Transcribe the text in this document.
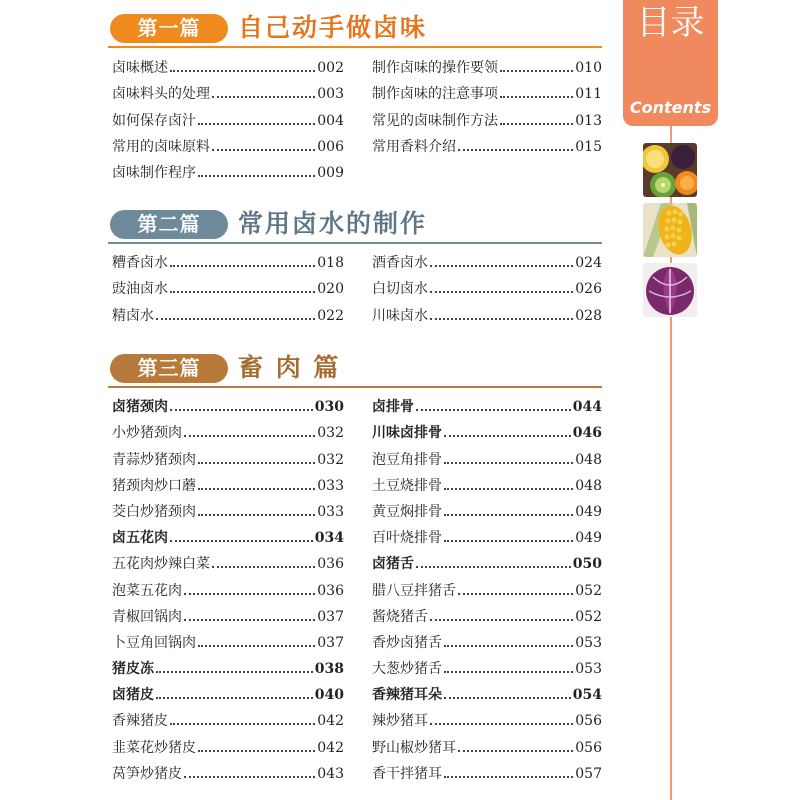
第一篇	自己动手做卤味
卤味概述	002
卤味料头的处理	003
如何保存卤汁	004
常用的卤味原料	006
卤味制作程序	009
制作卤味的操作要领	010
制作卤味的注意事项	011
常见的卤味制作方法	013
常用香料介绍	015
第二篇	常用卤水的制作
糟香卤水	018
豉油卤水	020
精卤水	022
酒香卤水	024
白切卤水	026
川味卤水	028
第三篇	畜 肉 篇
卤猪颈肉	030
小炒猪颈肉	032
青蒜炒猪颈肉	032
猪颈肉炒口蘑	033
茭白炒猪颈肉	033
卤五花肉	034
五花肉炒辣白菜	036
泡菜五花肉	036
青椒回锅肉	037
卜豆角回锅肉	037
猪皮冻	038
卤猪皮	040
香辣猪皮	042
韭菜花炒猪皮	042
莴笋炒猪皮	043
卤排骨	044
川味卤排骨	046
泡豆角排骨	048
土豆烧排骨	048
黄豆焖排骨	049
百叶烧排骨	049
卤猪舌	050
腊八豆拌猪舌	052
酱烧猪舌	052
香炒卤猪舌	053
大葱炒猪舌	053
香辣猪耳朵	054
辣炒猪耳	056
野山椒炒猪耳	056
香干拌猪耳	057
目录
Contents
